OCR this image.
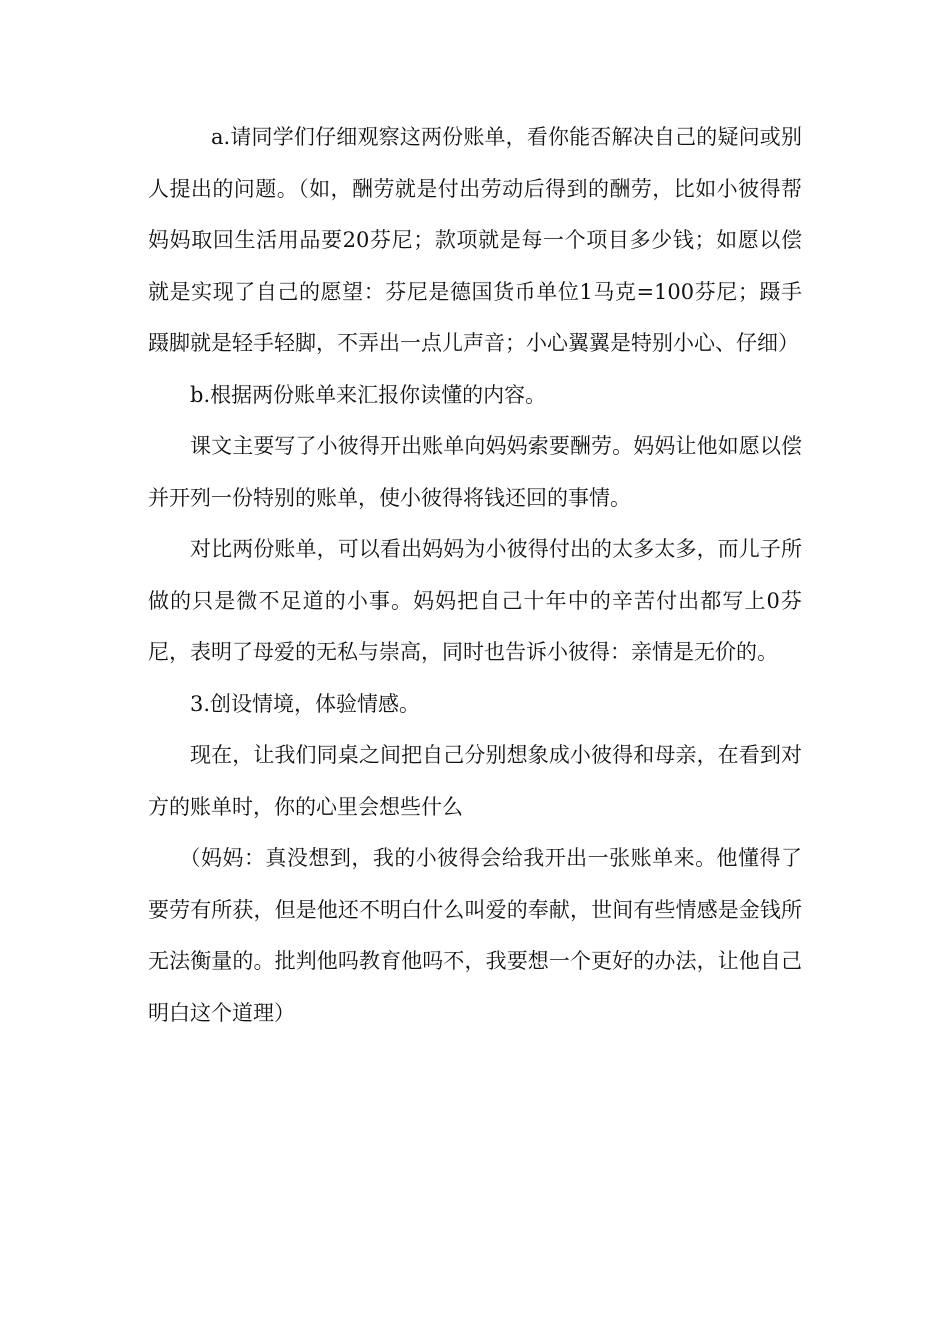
a.请同学们仔细观察这两份账单，看你能否解决自己的疑问或别人提出的问题。（如，酬劳就是付出劳动后得到的酬劳，比如小彼得帮妈妈取回生活用品要20芬尼；款项就是每一个项目多少钱；如愿以偿就是实现了自己的愿望：芬尼是德国货币单位1马克=100芬尼；蹑手蹑脚就是轻手轻脚，不弄出一点儿声音；小心翼翼是特别小心、仔细）

b.根据两份账单来汇报你读懂的内容。

课文主要写了小彼得开出账单向妈妈索要酬劳。妈妈让他如愿以偿并开列一份特别的账单，使小彼得将钱还回的事情。

对比两份账单，可以看出妈妈为小彼得付出的太多太多，而儿子所做的只是微不足道的小事。妈妈把自己十年中的辛苦付出都写上0芬尼，表明了母爱的无私与崇高，同时也告诉小彼得：亲情是无价的。

3.创设情境，体验情感。

现在，让我们同桌之间把自己分别想象成小彼得和母亲，在看到对方的账单时，你的心里会想些什么

（妈妈：真没想到，我的小彼得会给我开出一张账单来。他懂得了要劳有所获，但是他还不明白什么叫爱的奉献，世间有些情感是金钱所无法衡量的。批判他吗教育他吗不，我要想一个更好的办法，让他自己明白这个道理）
